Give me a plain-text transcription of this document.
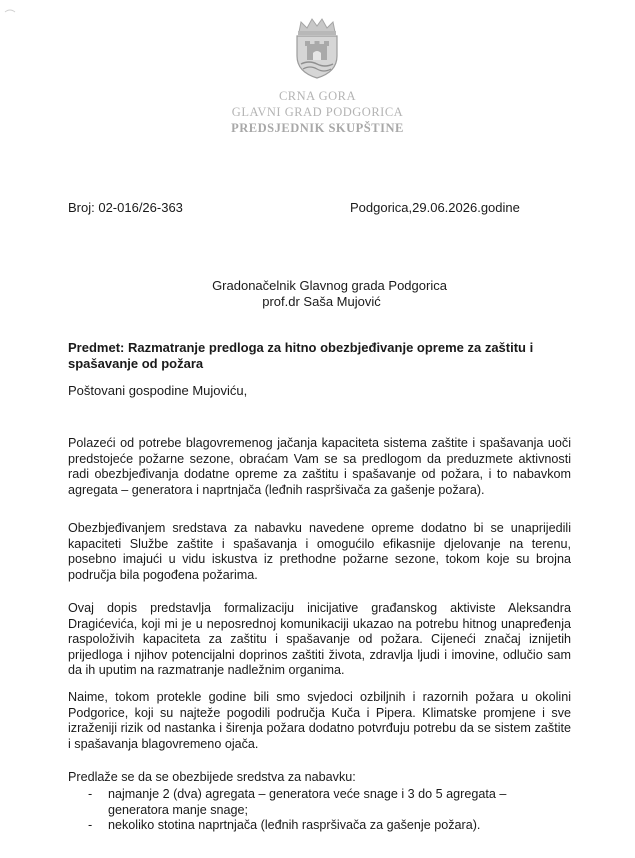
CRNA GORA
GLAVNI GRAD PODGORICA
PREDSJEDNIK SKUPŠTINE
Broj: 02-016/26-363	Podgorica,29.06.2026.godine
Gradonačelnik Glavnog grada Podgorica
prof.dr Saša Mujović
Predmet: Razmatranje predloga za hitno obezbjeđivanje opreme za zaštitu i spašavanje od požara
Poštovani gospodine Mujoviću,
Polazeći od potrebe blagovremenog jačanja kapaciteta sistema zaštite i spašavanja uoči predstojeće požarne sezone, obraćam Vam se sa predlogom da preduzmete aktivnosti radi obezbjeđivanja dodatne opreme za zaštitu i spašavanje od požara, i to nabavkom agregata – generatora i naprtnjača (leđnih raspršivača za gašenje požara).
Obezbjeđivanjem sredstava za nabavku navedene opreme dodatno bi se unaprijedili kapaciteti Službe zaštite i spašavanja i omogućilo efikasnije djelovanje na terenu, posebno imajući u vidu iskustva iz prethodne požarne sezone, tokom koje su brojna područja bila pogođena požarima.
Ovaj dopis predstavlja formalizaciju inicijative građanskog aktiviste Aleksandra Dragićevića, koji mi je u neposrednoj komunikaciji ukazao na potrebu hitnog unapređenja raspoloživih kapaciteta za zaštitu i spašavanje od požara. Cijeneći značaj iznijetih prijedloga i njihov potencijalni doprinos zaštiti života, zdravlja ljudi i imovine, odlučio sam da ih uputim na razmatranje nadležnim organima.
Naime, tokom protekle godine bili smo svjedoci ozbiljnih i razornih požara u okolini Podgorice, koji su najteže pogodili područja Kuča i Pipera. Klimatske promjene i sve izraženiji rizik od nastanka i širenja požara dodatno potvrđuju potrebu da se sistem zaštite i spašavanja blagovremeno ojača.
Predlaže se da se obezbijede sredstva za nabavku:
- najmanje 2 (dva) agregata – generatora veće snage i 3 do 5 agregata – generatora manje snage;
- nekoliko stotina naprtnjača (leđnih raspršivača za gašenje požara).
